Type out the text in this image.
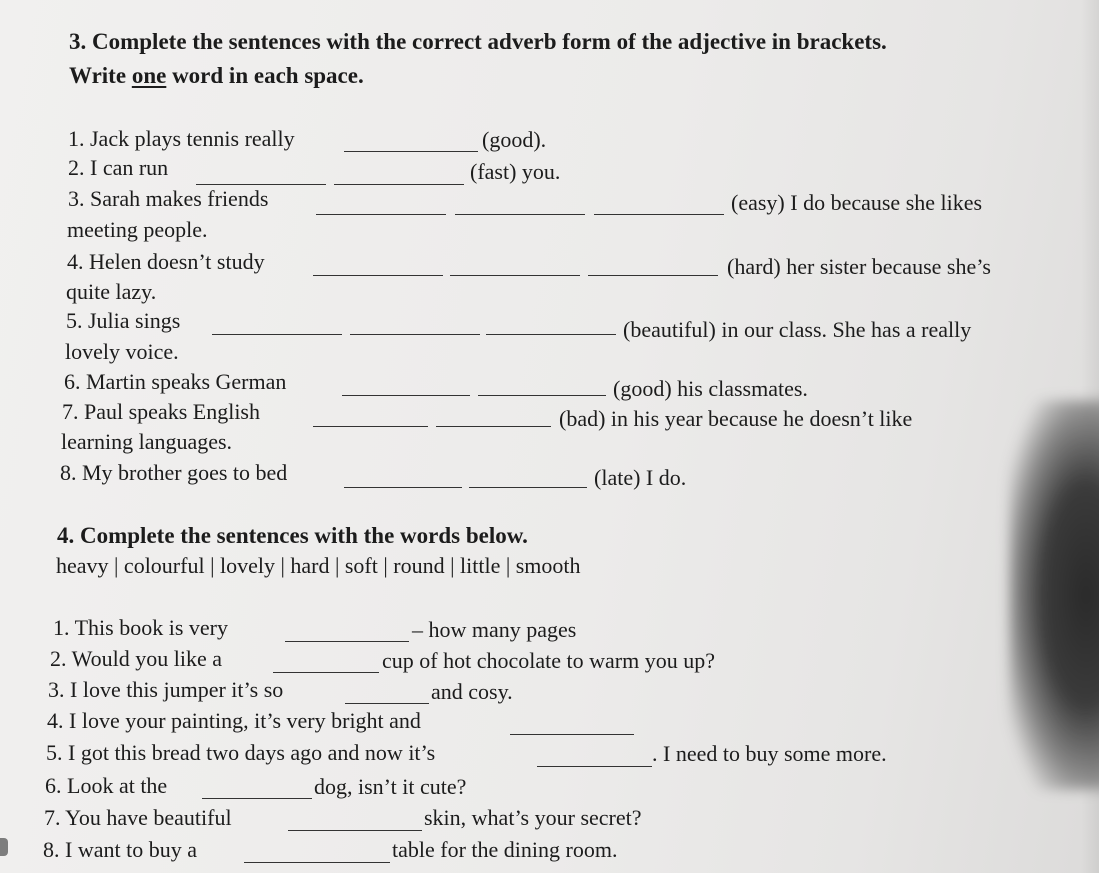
3. Complete the sentences with the correct adverb form of the adjective in brackets.
Write one word in each space.
1. Jack plays tennis really	(good).
2. I can run	(fast) you.
3. Sarah makes friends	(easy) I do because she likes
meeting people.
4. Helen doesn’t study	(hard) her sister because she’s
quite lazy.
5. Julia sings	(beautiful) in our class. She has a really
lovely voice.
6. Martin speaks German	(good) his classmates.
7. Paul speaks English	(bad) in his year because he doesn’t like
learning languages.
8. My brother goes to bed	(late) I do.
4. Complete the sentences with the words below.
heavy | colourful | lovely | hard | soft | round | little | smooth
1. This book is very	– how many pages
2. Would you like a	cup of hot chocolate to warm you up?
3. I love this jumper it’s so	and cosy.
4. I love your painting, it’s very bright and
5. I got this bread two days ago and now it’s	. I need to buy some more.
6. Look at the	dog, isn’t it cute?
7. You have beautiful	skin, what’s your secret?
8. I want to buy a	table for the dining room.
